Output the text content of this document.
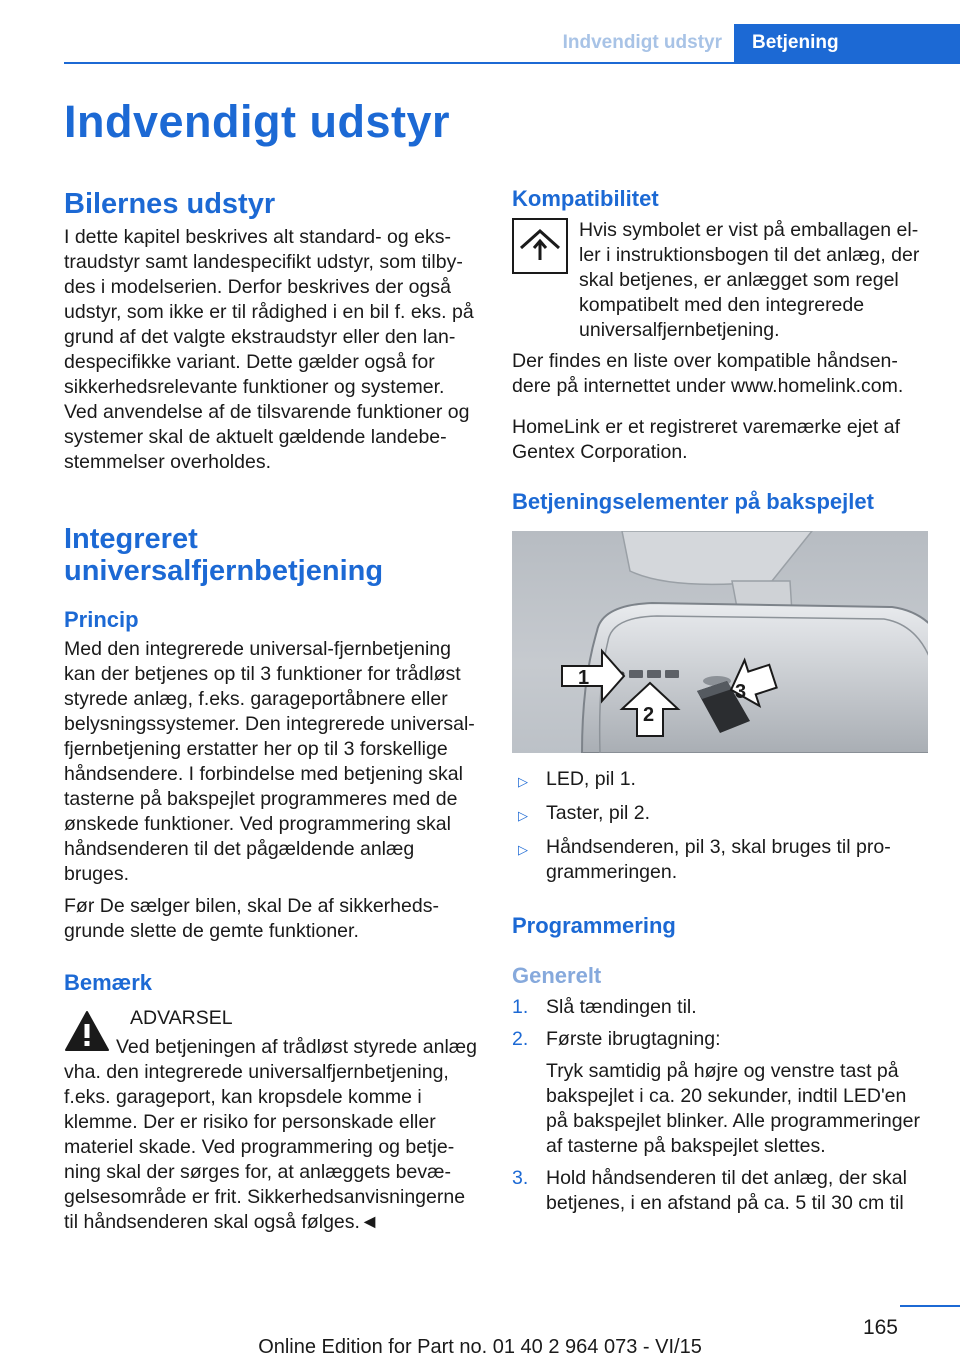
Indvendigt udstyr	Betjening
Indvendigt udstyr
Bilernes udstyr

I dette kapitel beskrives alt standard- og ekstraudstyr samt landespecifikt udstyr, som tilbydes i modelserien. Derfor beskrives der også udstyr, som ikke er til rådighed i en bil f. eks. på grund af det valgte ekstraudstyr eller den landespecifikke variant. Dette gælder også for sikkerhedsrelevante funktioner og systemer. Ved anvendelse af de tilsvarende funktioner og systemer skal de aktuelt gældende landebestemmelser overholdes.

Integreret universalfjernbetjening
Princip

Med den integrerede universal-fjernbetjening kan der betjenes op til 3 funktioner for trådløst styrede anlæg, f.eks. garageportåbnere eller belysningssystemer. Den integrerede universal-fjernbetjening erstatter her op til 3 forskellige håndsendere. I forbindelse med betjening skal tasterne på bakspejlet programmeres med de ønskede funktioner. Ved programmering skal håndsenderen til det pågældende anlæg bruges.

Før De sælger bilen, skal De af sikkerhedsgrunde slette de gemte funktioner.

Bemærk

ADVARSEL

Ved betjeningen af trådløst styrede anlæg vha. den integrerede universalfjernbetjening, f.eks. garageport, kan kropsdele komme i klemme. Der er risiko for personskade eller materiel skade. Ved programmering og betjening skal der sørges for, at anlæggets bevægelsesområde er frit. Sikkerhedsanvisningerne til håndsenderen skal også følges.◄

Kompatibilitet

Hvis symbolet er vist på emballagen eller i instruktionsbogen til det anlæg, der skal betjenes, er anlægget som regel kompatibelt med den integrerede universalfjernbetjening.

Der findes en liste over kompatible håndsendere på internettet under www.homelink.com.

HomeLink er et registreret varemærke ejet af Gentex Corporation.

Betjeningselementer på bakspejlet
1
2
3
▷ LED, pil 1.
▷ Taster, pil 2.
▷ Håndsenderen, pil 3, skal bruges til programmeringen.
Programmering
Generelt
1. Slå tændingen til.
2. Første ibrugtagning:
Tryk samtidig på højre og venstre tast på bakspejlet i ca. 20 sekunder, indtil LED'en på bakspejlet blinker. Alle programmeringer af tasterne på bakspejlet slettes.
3. Hold håndsenderen til det anlæg, der skal betjenes, i en afstand på ca. 5 til 30 cm til
165
Online Edition for Part no. 01 40 2 964 073 - VI/15
